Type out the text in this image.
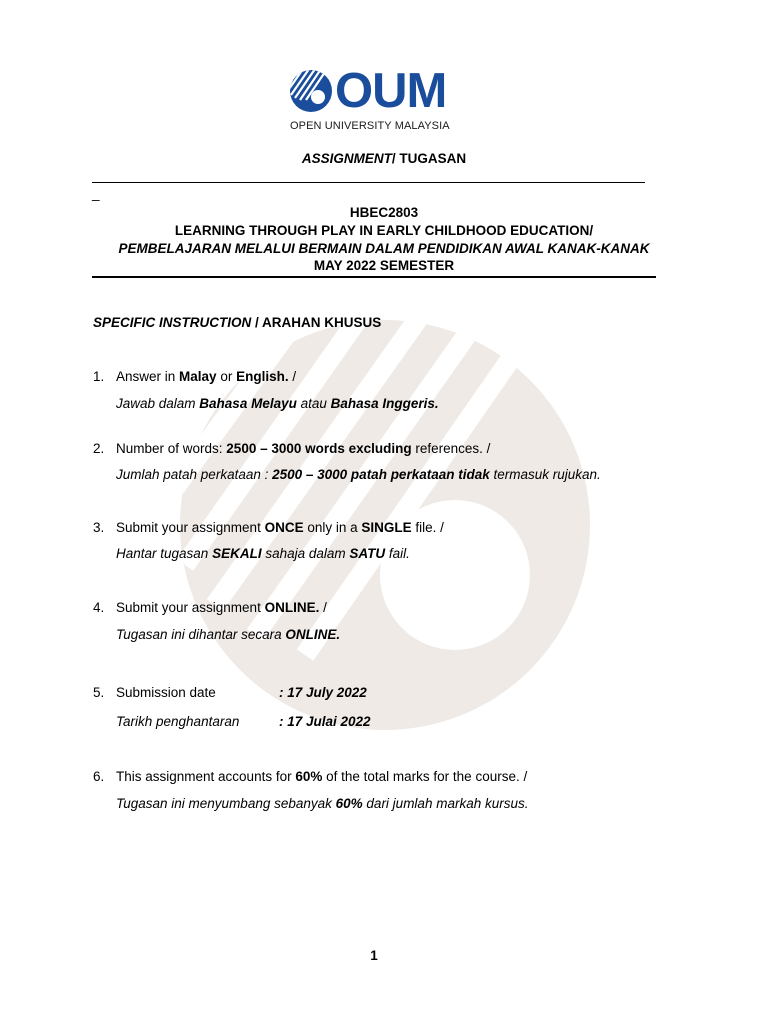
OUM
OPEN UNIVERSITY MALAYSIA
ASSIGNMENT/ TUGASAN
_
HBEC2803
LEARNING THROUGH PLAY IN EARLY CHILDHOOD EDUCATION/
PEMBELAJARAN MELALUI BERMAIN DALAM PENDIDIKAN AWAL KANAK-KANAK
MAY 2022 SEMESTER
SPECIFIC INSTRUCTION / ARAHAN KHUSUS
1. Answer in Malay or English. /
Jawab dalam Bahasa Melayu atau Bahasa Inggeris.
2. Number of words: 2500 – 3000 words excluding references. /
Jumlah patah perkataan : 2500 – 3000 patah perkataan tidak termasuk rujukan.
3. Submit your assignment ONCE only in a SINGLE file. /
Hantar tugasan SEKALI sahaja dalam SATU fail.
4. Submit your assignment ONLINE. /
Tugasan ini dihantar secara ONLINE.
5. Submission date	: 17 July 2022
Tarikh penghantaran	: 17 Julai 2022
6. This assignment accounts for 60% of the total marks for the course. /
Tugasan ini menyumbang sebanyak 60% dari jumlah markah kursus.
1
